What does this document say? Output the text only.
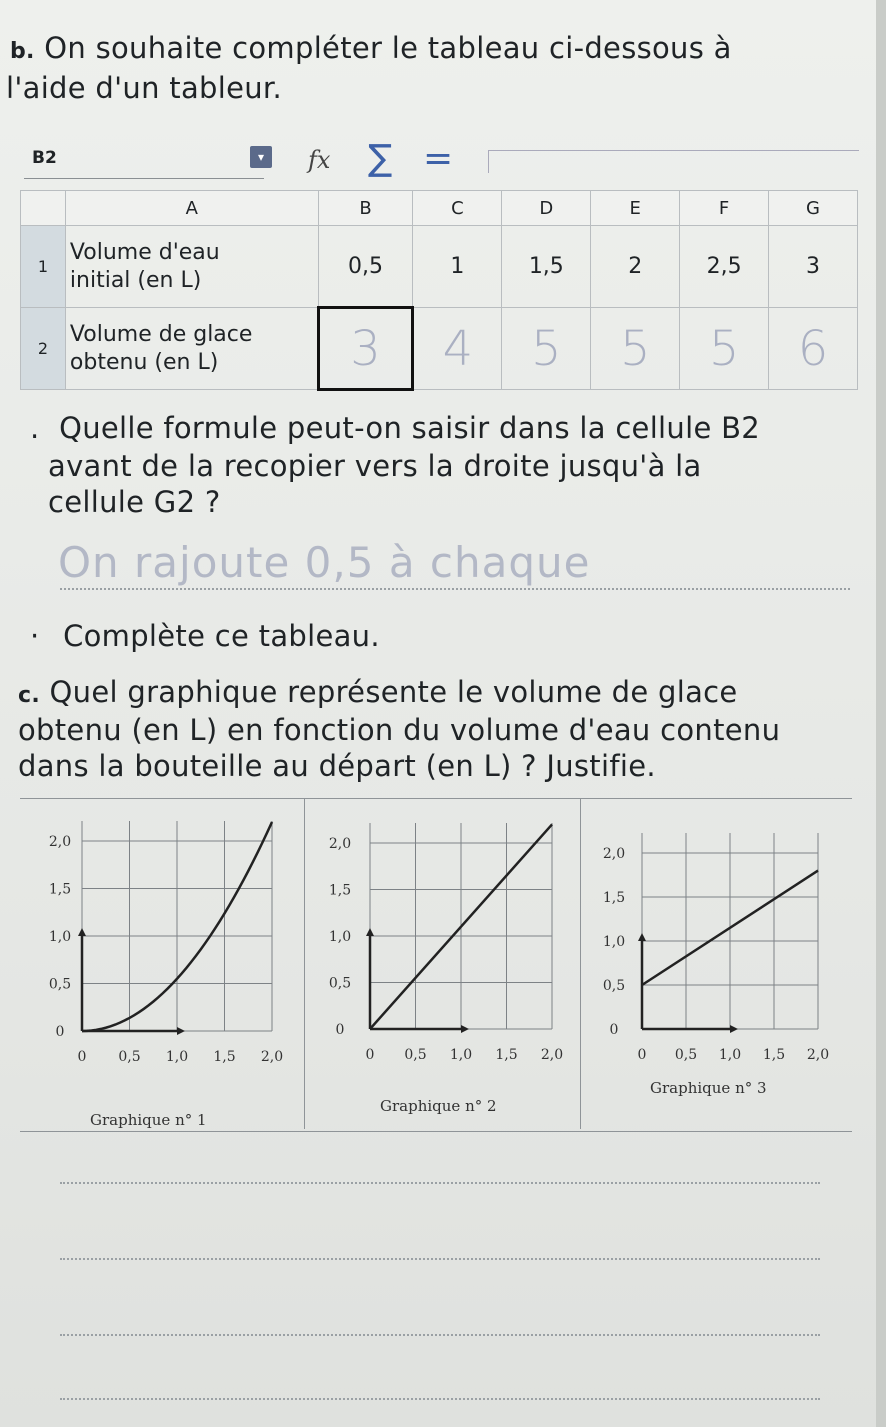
b. On souhaite compléter le tableau ci-dessous à
l'aide d'un tableur.
B2	▾	fx ∑ =
	A	B	C	D	E	F	G
1	Volume d'eau
initial (en L)	0,5	1	1,5	2	2,5	3
2	Volume de glace
obtenu (en L)	3	4	5	5	5	6
. Quelle formule peut-on saisir dans la cellule B2
avant de la recopier vers la droite jusqu'à la
cellule G2 ?
On rajoute 0,5 à chaque
· Complète ce tableau.
c. Quel graphique représente le volume de glace
obtenu (en L) en fonction du volume d'eau contenu
dans la bouteille au départ (en L) ? Justifie.
0
0,5
1,0
1,5
2,0
0 0,5 1,0 1,5 2,0
Graphique n° 1
0
0,5
1,0
1,5
2,0
0 0,5 1,0 1,5 2,0
Graphique n° 2
0
0,5
1,0
1,5
2,0
0 0,5 1,0 1,5 2,0
Graphique n° 3
